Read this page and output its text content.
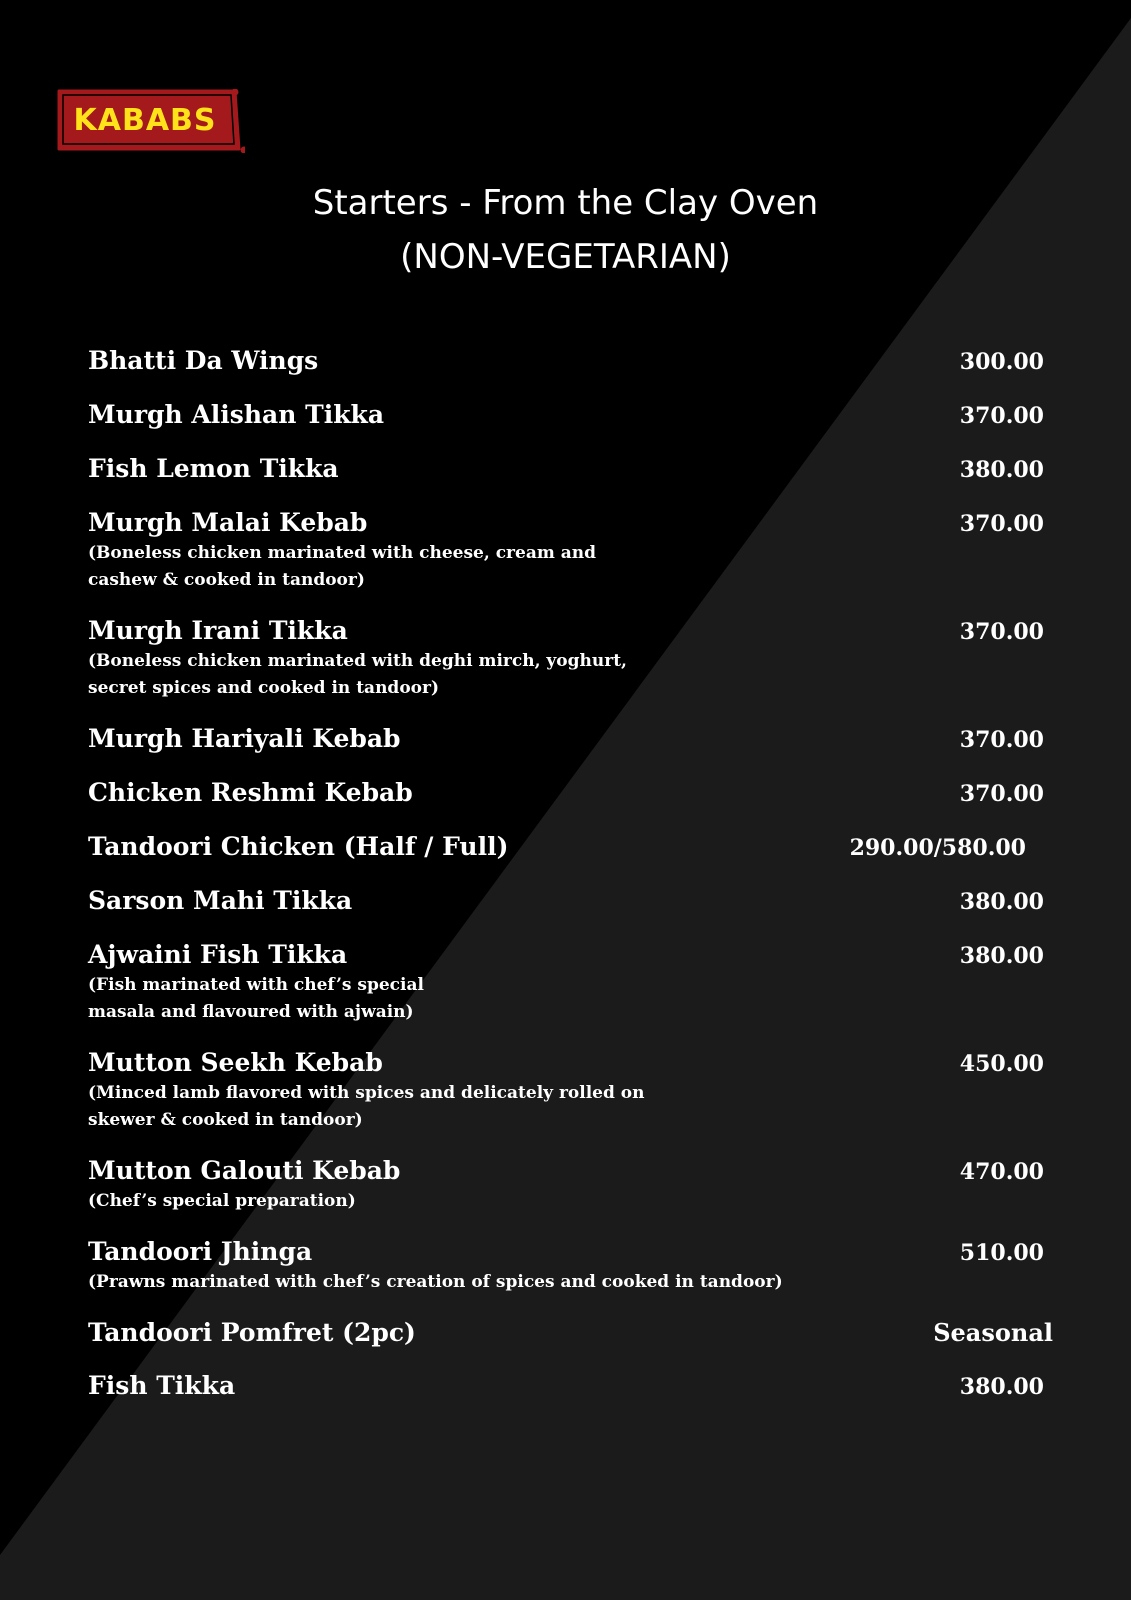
KABABS
Starters - From the Clay Oven
(NON-VEGETARIAN)
Bhatti Da Wings	300.00
Murgh Alishan Tikka	370.00
Fish Lemon Tikka	380.00
Murgh Malai Kebab	370.00
(Boneless chicken marinated with cheese, cream and
cashew & cooked in tandoor)
Murgh Irani Tikka	370.00
(Boneless chicken marinated with deghi mirch, yoghurt,
secret spices and cooked in tandoor)
Murgh Hariyali Kebab	370.00
Chicken Reshmi Kebab	370.00
Tandoori Chicken (Half / Full)	290.00/580.00
Sarson Mahi Tikka	380.00
Ajwaini Fish Tikka	380.00
(Fish marinated with chef’s special
masala and flavoured with ajwain)
Mutton Seekh Kebab	450.00
(Minced lamb flavored with spices and delicately rolled on
skewer & cooked in tandoor)
Mutton Galouti Kebab	470.00
(Chef’s special preparation)
Tandoori Jhinga	510.00
(Prawns marinated with chef’s creation of spices and cooked in tandoor)
Tandoori Pomfret (2pc)	Seasonal
Fish Tikka	380.00
